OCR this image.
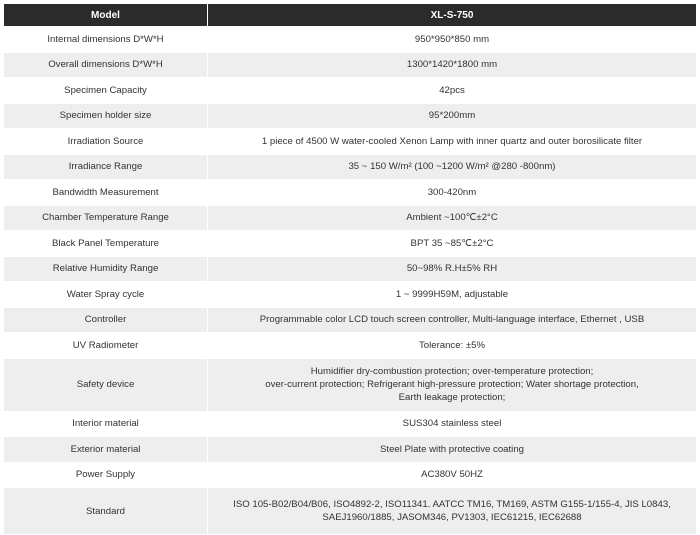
Model	XL-S-750
Internal dimensions D*W*H	950*950*850 mm
Overall dimensions D*W*H	1300*1420*1800 mm
Specimen Capacity	42pcs
Specimen holder size	95*200mm
Irradiation Source	1 piece of 4500 W water-cooled Xenon Lamp with inner quartz and outer borosilicate filter
Irradiance Range	35 ~ 150 W/m² (100 ~1200 W/m² @280 -800nm)
Bandwidth Measurement	300-420nm
Chamber Temperature Range	Ambient ~100℃±2°C
Black Panel Temperature	BPT 35 ~85℃±2°C
Relative Humidity Range	50~98% R.H±5% RH
Water Spray cycle	1 ~ 9999H59M, adjustable
Controller	Programmable color LCD touch screen controller, Multi-language interface, Ethernet , USB
UV Radiometer	Tolerance: ±5%
Safety device	Humidifier dry-combustion protection; over-temperature protection;
over-current protection; Refrigerant high-pressure protection; Water shortage protection,
Earth leakage protection;

Interior material	SUS304 stainless steel
Exterior material	Steel Plate with protective coating
Power Supply	AC380V 50HZ
Standard	ISO 105-B02/B04/B06, ISO4892-2, ISO11341. AATCC TM16, TM169, ASTM G155-1/155-4, JIS L0843,
SAEJ1960/1885, JASOM346, PV1303, IEC61215, IEC62688
